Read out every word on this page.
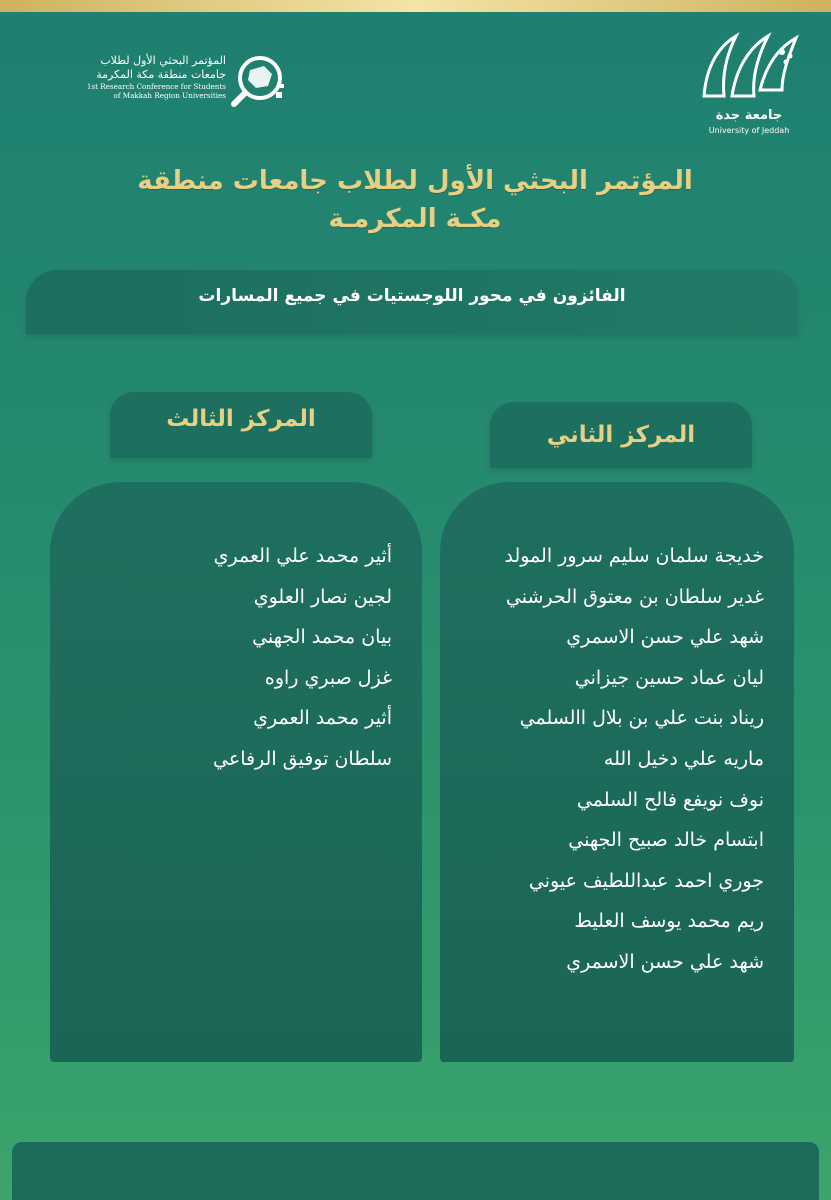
المؤتمر البحثي الأول لطلاب
جامعات منطقة مكة المكرمة
1st Research Conference for Students
of Makkah Region Universities
جامعة جدة
University of Jeddah
المؤتمر البحثي الأول لطلاب جامعات منطقة
مكـة المكرمـة
الفائزون في محور اللوجستيات في جميع المسارات
المركز الثالث
المركز الثاني
أثير محمد علي العمري
لجين نصار العلوي
بيان محمد الجهني
غزل صبري راوه
أثير محمد العمري
سلطان توفيق الرفاعي
خديجة سلمان سليم سرور المولد
غدير سلطان بن معتوق الحرشني
شهد علي حسن الاسمري
ليان عماد حسين جيزاني
ريناد بنت علي بن بلال االسلمي
ماريه علي دخيل الله
نوف نويفع فالح السلمي
ابتسام خالد صبيح الجهني
جوري احمد عبداللطيف عيوني
ريم محمد يوسف العليط
شهد علي حسن الاسمري
